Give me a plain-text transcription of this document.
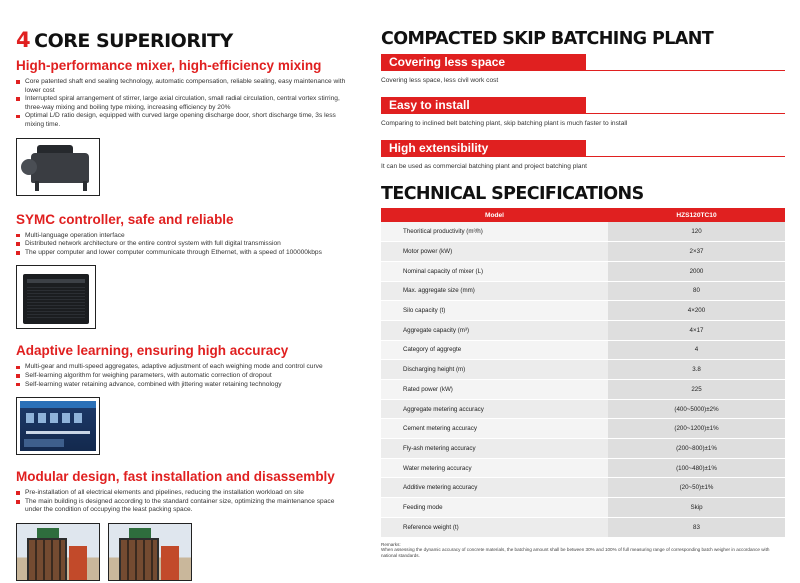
4 CORE SUPERIORITY
High-performance mixer, high-efficiency mixing
Core patented shaft end sealing technology, automatic compensation, reliable sealing, easy maintenance with lower cost
Interrupted spiral arrangement of stirrer, large axial circulation, small radial circulation, central vortex stirring, three-way mixing and boiling type mixing, increasing efficiency by 20%
Optimal L/D ratio design, equipped with curved large opening discharge door, short discharge time, 3s less mixing time.
SYMC controller, safe and reliable
Multi-language operation interface
Distributed network architecture or the entire control system with full digital transmission
The upper computer and lower computer communicate through Ethernet, with a speed of 100000kbps
Adaptive learning, ensuring high accuracy
Multi-gear and multi-speed aggregates, adaptive adjustment of each weighing mode and control curve
Self-learning algorithm for weighing parameters, with automatic correction of dropout
Self-learning water retaining advance, combined with jittering water retaining technology
Modular design, fast installation and disassembly
Pre-installation of all electrical elements and pipelines, reducing the installation workload on site
The main building is designed according to the standard container size, optimizing the maintenance space under the condition of occupying the least packing space.
COMPACTED SKIP BATCHING PLANT
Covering less space
Covering less space, less civil work cost
Easy to install
Comparing to inclined belt batching plant, skip batching plant is much faster to install
High extensibility
It can be used as commercial batching plant and project batching plant
TECHNICAL SPECIFICATIONS
Model	HZS120TC10
Theoritical productivity (m³/h)	120
Motor power (kW)	2×37
Nominal capacity of mixer (L)	2000
Max. aggregate size (mm)	80
Silo capacity (t)	4×200
Aggregate capacity (m³)	4×17
Category of aggregte	4
Discharging height (m)	3.8
Rated power (kW)	225
Aggregate metering accuracy	(400~5000)±2%
Cement metering accuracy	(200~1200)±1%
Fly-ash metering accuracy	(200~800)±1%
Water metering accuracy	(100~480)±1%
Additive metering accuracy	(20~50)±1%
Feeding mode	Skip
Reference weight (t)	83
Remarks:
When assessing the dynamic accuracy of concrete materials, the batching amount shall be between 30% and 100% of full measuring range of corresponding batch weigher in accordance with national standards.
